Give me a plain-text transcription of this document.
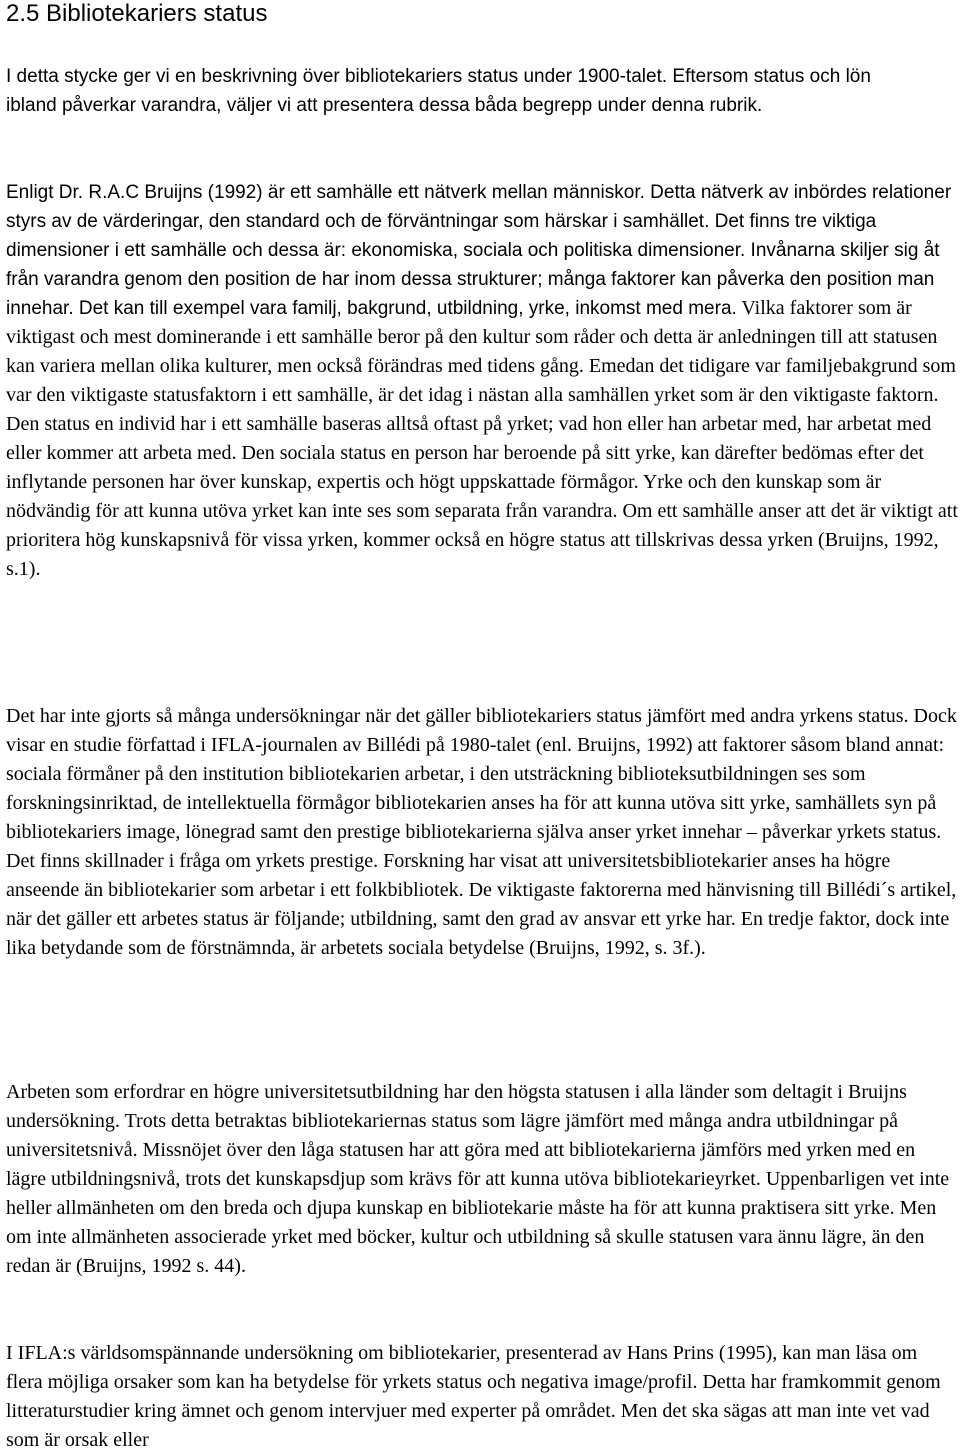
2.5 Bibliotekariers status

I detta stycke ger vi en beskrivning över bibliotekariers status under 1900-talet. Eftersom status och lön ibland påverkar varandra, väljer vi att presentera dessa båda begrepp under denna rubrik.

Enligt Dr. R.A.C Bruijns (1992) är ett samhälle ett nätverk mellan människor. Detta nätverk av inbördes relationer styrs av de värderingar, den standard och de förväntningar som härskar i samhället. Det finns tre viktiga dimensioner i ett samhälle och dessa är: ekonomiska, sociala och politiska dimensioner. Invånarna skiljer sig åt från varandra genom den position de har inom dessa strukturer; många faktorer kan påverka den position man innehar. Det kan till exempel vara familj, bakgrund, utbildning, yrke, inkomst med mera. Vilka faktorer som är viktigast och mest dominerande i ett samhälle beror på den kultur som råder och detta är anledningen till att statusen kan variera mellan olika kulturer, men också förändras med tidens gång. Emedan det tidigare var familjebakgrund som var den viktigaste statusfaktorn i ett samhälle, är det idag i nästan alla samhällen yrket som är den viktigaste faktorn. Den status en individ har i ett samhälle baseras alltså oftast på yrket; vad hon eller han arbetar med, har arbetat med eller kommer att arbeta med. Den sociala status en person har beroende på sitt yrke, kan därefter bedömas efter det inflytande personen har över kunskap, expertis och högt uppskattade förmågor. Yrke och den kunskap som är nödvändig för att kunna utöva yrket kan inte ses som separata från varandra. Om ett samhälle anser att det är viktigt att prioritera hög kunskapsnivå för vissa yrken, kommer också en högre status att tillskrivas dessa yrken (Bruijns, 1992, s.1).

Det har inte gjorts så många undersökningar när det gäller bibliotekariers status jämfört med andra yrkens status. Dock visar en studie författad i IFLA-journalen av Billédi på 1980-talet (enl. Bruijns, 1992) att faktorer såsom bland annat: sociala förmåner på den institution bibliotekarien arbetar, i den utsträckning biblioteksutbildningen ses som forskningsinriktad, de intellektuella förmågor bibliotekarien anses ha för att kunna utöva sitt yrke, samhällets syn på bibliotekariers image, lönegrad samt den prestige bibliotekarierna själva anser yrket innehar – påverkar yrkets status. Det finns skillnader i fråga om yrkets prestige. Forskning har visat att universitetsbibliotekarier anses ha högre anseende än bibliotekarier som arbetar i ett folkbibliotek. De viktigaste faktorerna med hänvisning till Billédi´s artikel, när det gäller ett arbetes status är följande; utbildning, samt den grad av ansvar ett yrke har. En tredje faktor, dock inte lika betydande som de förstnämnda, är arbetets sociala betydelse (Bruijns, 1992, s. 3f.).

Arbeten som erfordrar en högre universitetsutbildning har den högsta statusen i alla länder som deltagit i Bruijns undersökning. Trots detta betraktas bibliotekariernas status som lägre jämfört med många andra utbildningar på universitetsnivå. Missnöjet över den låga statusen har att göra med att bibliotekarierna jämförs med yrken med en lägre utbildningsnivå, trots det kunskapsdjup som krävs för att kunna utöva bibliotekarieyrket. Uppenbarligen vet inte heller allmänheten om den breda och djupa kunskap en bibliotekarie måste ha för att kunna praktisera sitt yrke. Men om inte allmänheten associerade yrket med böcker, kultur och utbildning så skulle statusen vara ännu lägre, än den redan är (Bruijns, 1992 s. 44).

I IFLA:s världsomspännande undersökning om bibliotekarier, presenterad av Hans Prins (1995), kan man läsa om flera möjliga orsaker som kan ha betydelse för yrkets status och negativa image/profil. Detta har framkommit genom litteraturstudier kring ämnet och genom intervjuer med experter på området. Men det ska sägas att man inte vet vad som är orsak eller
